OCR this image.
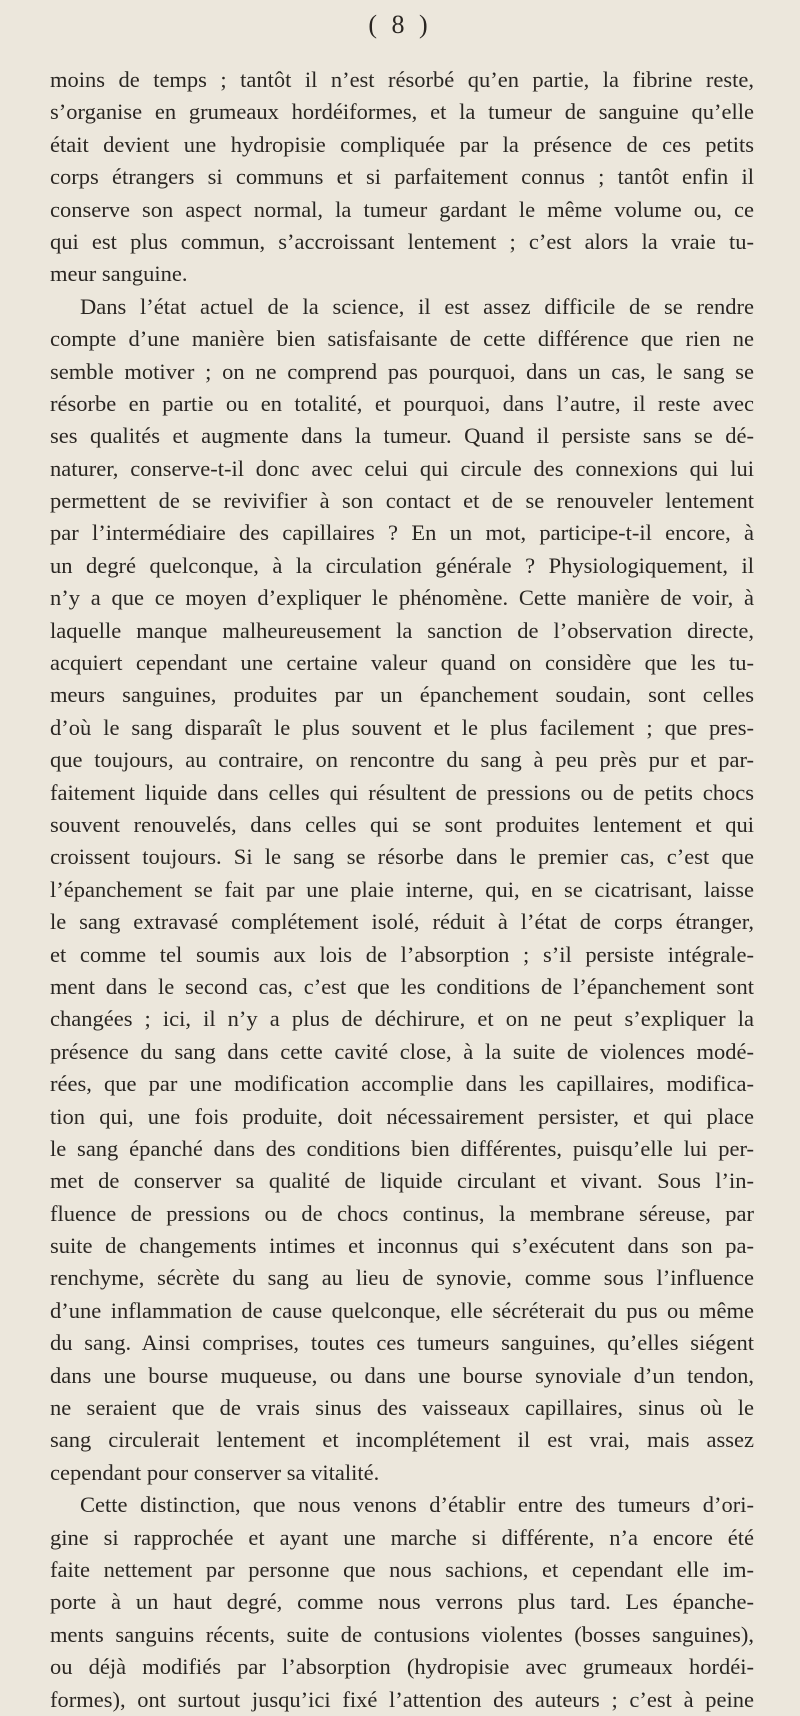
( 8 )
moins de temps ; tantôt il n’est résorbé qu’en partie, la fibrine reste,
s’organise en grumeaux hordéiformes, et la tumeur de sanguine qu’elle
était devient une hydropisie compliquée par la présence de ces petits
corps étrangers si communs et si parfaitement connus ; tantôt enfin il
conserve son aspect normal, la tumeur gardant le même volume ou, ce
qui est plus commun, s’accroissant lentement ; c’est alors la vraie tu-
meur sanguine.
Dans l’état actuel de la science, il est assez difficile de se rendre
compte d’une manière bien satisfaisante de cette différence que rien ne
semble motiver ; on ne comprend pas pourquoi, dans un cas, le sang se
résorbe en partie ou en totalité, et pourquoi, dans l’autre, il reste avec
ses qualités et augmente dans la tumeur. Quand il persiste sans se dé-
naturer, conserve-t-il donc avec celui qui circule des connexions qui lui
permettent de se revivifier à son contact et de se renouveler lentement
par l’intermédiaire des capillaires ? En un mot, participe-t-il encore, à
un degré quelconque, à la circulation générale ? Physiologiquement, il
n’y a que ce moyen d’expliquer le phénomène. Cette manière de voir, à
laquelle manque malheureusement la sanction de l’observation directe,
acquiert cependant une certaine valeur quand on considère que les tu-
meurs sanguines, produites par un épanchement soudain, sont celles
d’où le sang disparaît le plus souvent et le plus facilement ; que pres-
que toujours, au contraire, on rencontre du sang à peu près pur et par-
faitement liquide dans celles qui résultent de pressions ou de petits chocs
souvent renouvelés, dans celles qui se sont produites lentement et qui
croissent toujours. Si le sang se résorbe dans le premier cas, c’est que
l’épanchement se fait par une plaie interne, qui, en se cicatrisant, laisse
le sang extravasé complétement isolé, réduit à l’état de corps étranger,
et comme tel soumis aux lois de l’absorption ; s’il persiste intégrale-
ment dans le second cas, c’est que les conditions de l’épanchement sont
changées ; ici, il n’y a plus de déchirure, et on ne peut s’expliquer la
présence du sang dans cette cavité close, à la suite de violences modé-
rées, que par une modification accomplie dans les capillaires, modifica-
tion qui, une fois produite, doit nécessairement persister, et qui place
le sang épanché dans des conditions bien différentes, puisqu’elle lui per-
met de conserver sa qualité de liquide circulant et vivant. Sous l’in-
fluence de pressions ou de chocs continus, la membrane séreuse, par
suite de changements intimes et inconnus qui s’exécutent dans son pa-
renchyme, sécrète du sang au lieu de synovie, comme sous l’influence
d’une inflammation de cause quelconque, elle sécréterait du pus ou même
du sang. Ainsi comprises, toutes ces tumeurs sanguines, qu’elles siégent
dans une bourse muqueuse, ou dans une bourse synoviale d’un tendon,
ne seraient que de vrais sinus des vaisseaux capillaires, sinus où le
sang circulerait lentement et incomplétement il est vrai, mais assez
cependant pour conserver sa vitalité.
Cette distinction, que nous venons d’établir entre des tumeurs d’ori-
gine si rapprochée et ayant une marche si différente, n’a encore été
faite nettement par personne que nous sachions, et cependant elle im-
porte à un haut degré, comme nous verrons plus tard. Les épanche-
ments sanguins récents, suite de contusions violentes (bosses sanguines),
ou déjà modifiés par l’absorption (hydropisie avec grumeaux hordéi-
formes), ont surtout jusqu’ici fixé l’attention des auteurs ; c’est à peine
